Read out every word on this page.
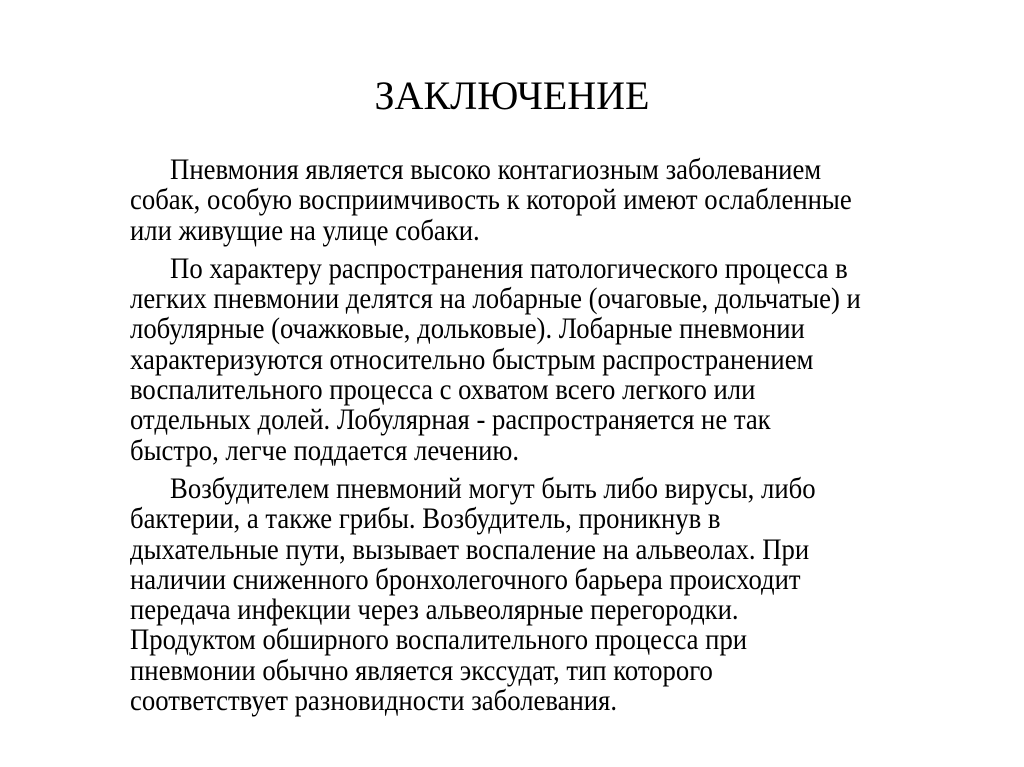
ЗАКЛЮЧЕНИЕ
Пневмония является высоко контагиозным заболеванием
собак, особую восприимчивость к которой имеют ослабленные
или живущие на улице собаки.
По характеру распространения патологического процесса в
легких пневмонии делятся на лобарные (очаговые, дольчатые) и
лобулярные (очажковые, дольковые). Лобарные пневмонии
характеризуются относительно быстрым распространением
воспалительного процесса с охватом всего легкого или
отдельных долей. Лобулярная - распространяется не так
быстро, легче поддается лечению.
Возбудителем пневмоний могут быть либо вирусы, либо
бактерии, а также грибы. Возбудитель, проникнув в
дыхательные пути, вызывает воспаление на альвеолах. При
наличии сниженного бронхолегочного барьера происходит
передача инфекции через альвеолярные перегородки.
Продуктом обширного воспалительного процесса при
пневмонии обычно является экссудат, тип которого
соответствует разновидности заболевания.
